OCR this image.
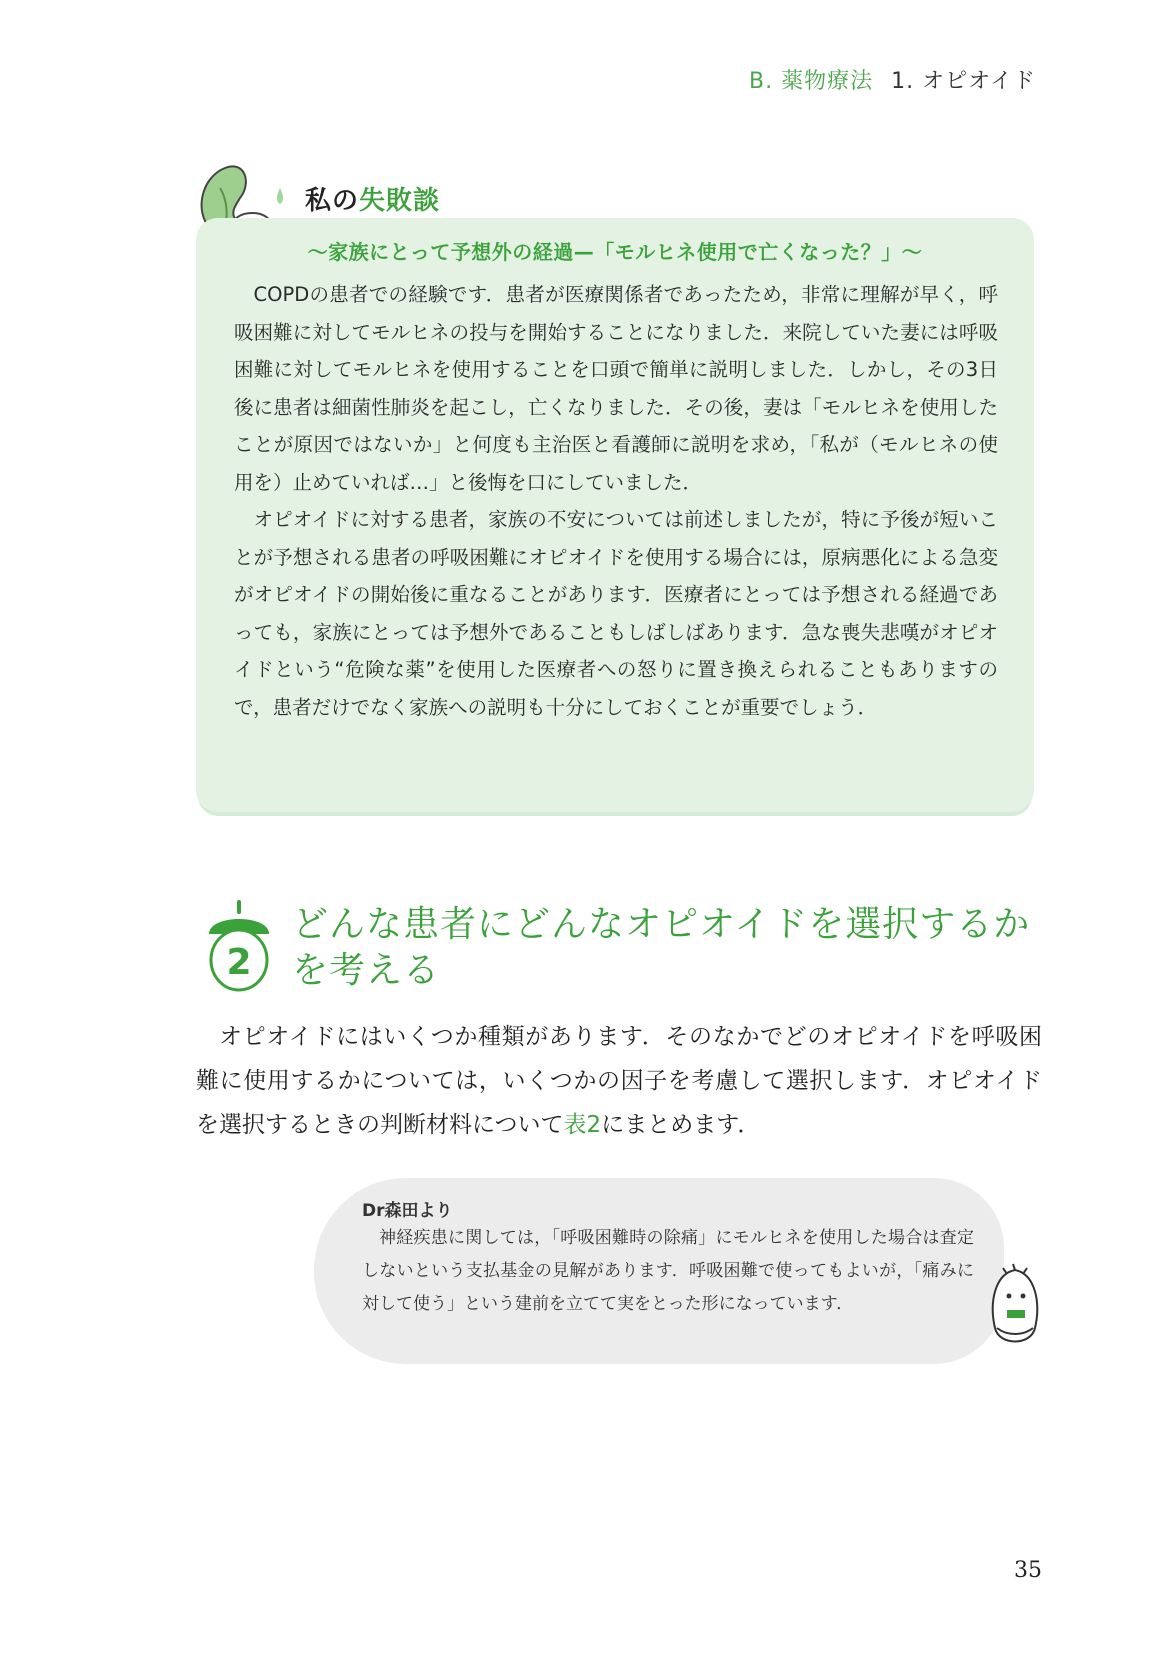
B. 薬物療法 1. オピオイド
私の失敗談
〜家族にとって予想外の経過—「モルヒネ使用で亡くなった？」〜

COPDの患者での経験です．患者が医療関係者であったため，非常に理解が早く，呼吸困難に対してモルヒネの投与を開始することになりました．来院していた妻には呼吸困難に対してモルヒネを使用することを口頭で簡単に説明しました．しかし，その3日後に患者は細菌性肺炎を起こし，亡くなりました．その後，妻は「モルヒネを使用したことが原因ではないか」と何度も主治医と看護師に説明を求め，「私が（モルヒネの使用を）止めていれば…」と後悔を口にしていました．

オピオイドに対する患者，家族の不安については前述しましたが，特に予後が短いことが予想される患者の呼吸困難にオピオイドを使用する場合には，原病悪化による急変がオピオイドの開始後に重なることがあります．医療者にとっては予想される経過であっても，家族にとっては予想外であることもしばしばあります．急な喪失悲嘆がオピオイドという“危険な薬”を使用した医療者への怒りに置き換えられることもありますので，患者だけでなく家族への説明も十分にしておくことが重要でしょう．

2
どんな患者にどんなオピオイドを選択するかを考える

オピオイドにはいくつか種類があります．そのなかでどのオピオイドを呼吸困難に使用するかについては，いくつかの因子を考慮して選択します．オピオイドを選択するときの判断材料について表2にまとめます．

Dr森田より

神経疾患に関しては，「呼吸困難時の除痛」にモルヒネを使用した場合は査定しないという支払基金の見解があります．呼吸困難で使ってもよいが，「痛みに対して使う」という建前を立てて実をとった形になっています．

35
